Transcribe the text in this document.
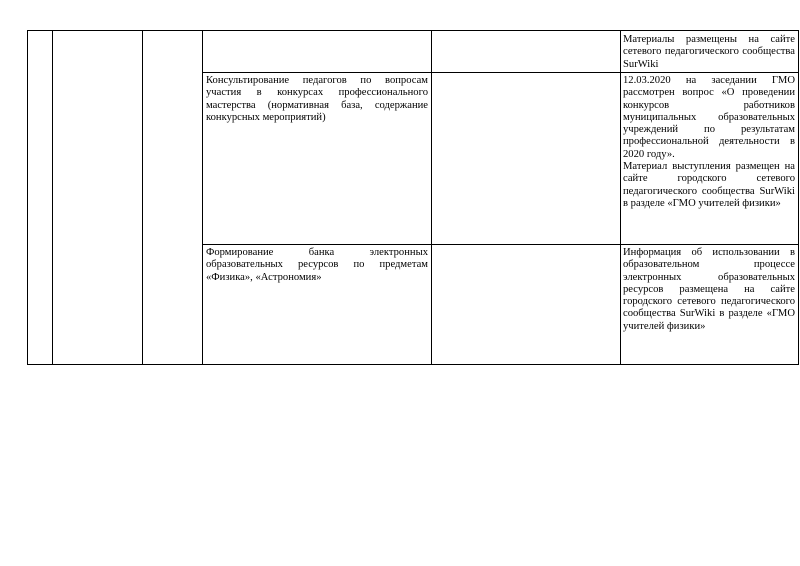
Материалы размещены на сайте сетевого педагогического сообщества SurWiki
Консультирование педагогов по вопросам участия в конкурсах профессионального мастерства (нормативная база, содержание конкурсных мероприятий)
12.03.2020 на заседании ГМО рассмотрен вопрос «О проведении конкурсов работников муниципальных образовательных учреждений по результатам профессиональной деятельности в 2020 году».
Материал выступления размещен на сайте городского сетевого педагогического сообщества SurWiki в разделе «ГМО учителей физики»
Формирование банка электронных образовательных ресурсов по предметам «Физика», «Астрономия»
Информация об использовании в образовательном процессе электронных образовательных ресурсов размещена на сайте городского сетевого педагогического сообщества SurWiki в разделе «ГМО учителей физики»
